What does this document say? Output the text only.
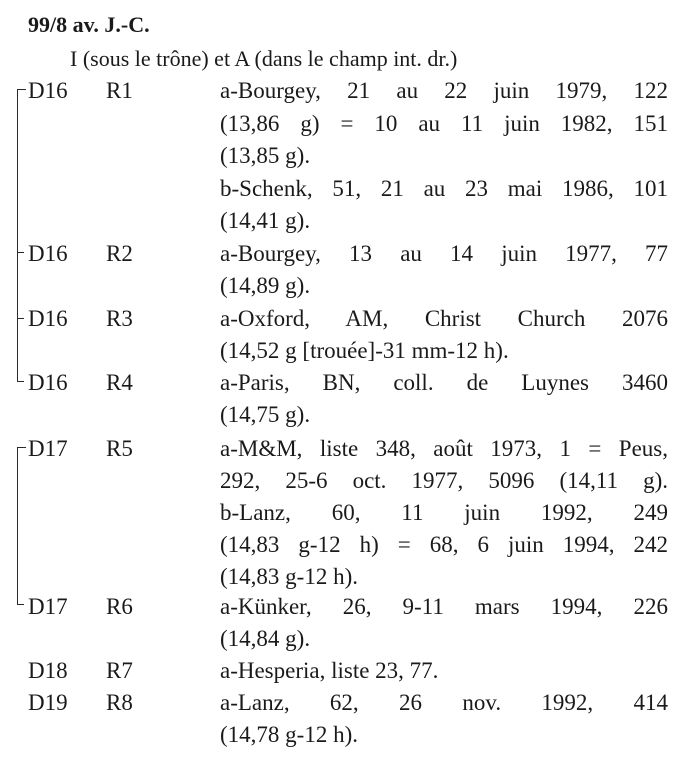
99/8 av. J.-C.
I (sous le trône) et A (dans le champ int. dr.)
D16 R1	a-Bourgey, 21 au 22 juin 1979, 122
(13,86 g) = 10 au 11 juin 1982, 151
(13,85 g).
b-Schenk, 51, 21 au 23 mai 1986, 101
(14,41 g).
D16 R2	a-Bourgey, 13 au 14 juin 1977, 77
(14,89 g).
D16 R3	a-Oxford, AM, Christ Church 2076
(14,52 g [trouée]-31 mm-12 h).
D16 R4	a-Paris, BN, coll. de Luynes 3460
(14,75 g).
D17 R5	a-M&M, liste 348, août 1973, 1 = Peus,
292, 25-6 oct. 1977, 5096 (14,11 g).
b-Lanz, 60, 11 juin 1992, 249
(14,83 g-12 h) = 68, 6 juin 1994, 242
(14,83 g-12 h).
D17 R6	a-Künker, 26, 9-11 mars 1994, 226
(14,84 g).
D18 R7	a-Hesperia, liste 23, 77.
D19 R8	a-Lanz, 62, 26 nov. 1992, 414
(14,78 g-12 h).
